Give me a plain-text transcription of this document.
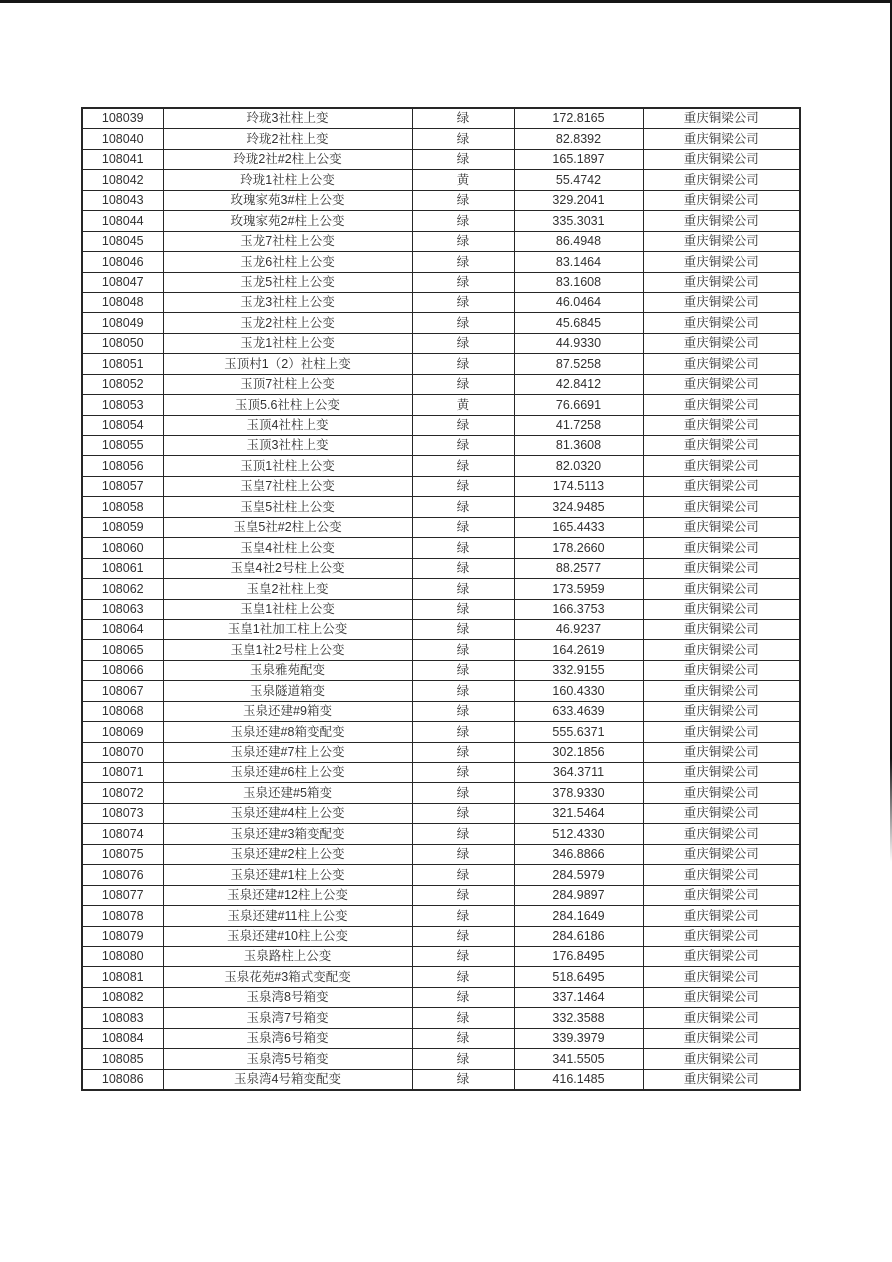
108039	玲珑3社柱上变	绿	172.8165	重庆铜梁公司
108040	玲珑2社柱上变	绿	82.8392	重庆铜梁公司
108041	玲珑2社#2柱上公变	绿	165.1897	重庆铜梁公司
108042	玲珑1社柱上公变	黄	55.4742	重庆铜梁公司
108043	玫瑰家苑3#柱上公变	绿	329.2041	重庆铜梁公司
108044	玫瑰家苑2#柱上公变	绿	335.3031	重庆铜梁公司
108045	玉龙7社柱上公变	绿	86.4948	重庆铜梁公司
108046	玉龙6社柱上公变	绿	83.1464	重庆铜梁公司
108047	玉龙5社柱上公变	绿	83.1608	重庆铜梁公司
108048	玉龙3社柱上公变	绿	46.0464	重庆铜梁公司
108049	玉龙2社柱上公变	绿	45.6845	重庆铜梁公司
108050	玉龙1社柱上公变	绿	44.9330	重庆铜梁公司
108051	玉顶村1（2）社柱上变	绿	87.5258	重庆铜梁公司
108052	玉顶7社柱上公变	绿	42.8412	重庆铜梁公司
108053	玉顶5.6社柱上公变	黄	76.6691	重庆铜梁公司
108054	玉顶4社柱上变	绿	41.7258	重庆铜梁公司
108055	玉顶3社柱上变	绿	81.3608	重庆铜梁公司
108056	玉顶1社柱上公变	绿	82.0320	重庆铜梁公司
108057	玉皇7社柱上公变	绿	174.5113	重庆铜梁公司
108058	玉皇5社柱上公变	绿	324.9485	重庆铜梁公司
108059	玉皇5社#2柱上公变	绿	165.4433	重庆铜梁公司
108060	玉皇4社柱上公变	绿	178.2660	重庆铜梁公司
108061	玉皇4社2号柱上公变	绿	88.2577	重庆铜梁公司
108062	玉皇2社柱上变	绿	173.5959	重庆铜梁公司
108063	玉皇1社柱上公变	绿	166.3753	重庆铜梁公司
108064	玉皇1社加工柱上公变	绿	46.9237	重庆铜梁公司
108065	玉皇1社2号柱上公变	绿	164.2619	重庆铜梁公司
108066	玉泉雅苑配变	绿	332.9155	重庆铜梁公司
108067	玉泉隧道箱变	绿	160.4330	重庆铜梁公司
108068	玉泉还建#9箱变	绿	633.4639	重庆铜梁公司
108069	玉泉还建#8箱变配变	绿	555.6371	重庆铜梁公司
108070	玉泉还建#7柱上公变	绿	302.1856	重庆铜梁公司
108071	玉泉还建#6柱上公变	绿	364.3711	重庆铜梁公司
108072	玉泉还建#5箱变	绿	378.9330	重庆铜梁公司
108073	玉泉还建#4柱上公变	绿	321.5464	重庆铜梁公司
108074	玉泉还建#3箱变配变	绿	512.4330	重庆铜梁公司
108075	玉泉还建#2柱上公变	绿	346.8866	重庆铜梁公司
108076	玉泉还建#1柱上公变	绿	284.5979	重庆铜梁公司
108077	玉泉还建#12柱上公变	绿	284.9897	重庆铜梁公司
108078	玉泉还建#11柱上公变	绿	284.1649	重庆铜梁公司
108079	玉泉还建#10柱上公变	绿	284.6186	重庆铜梁公司
108080	玉泉路柱上公变	绿	176.8495	重庆铜梁公司
108081	玉泉花苑#3箱式变配变	绿	518.6495	重庆铜梁公司
108082	玉泉湾8号箱变	绿	337.1464	重庆铜梁公司
108083	玉泉湾7号箱变	绿	332.3588	重庆铜梁公司
108084	玉泉湾6号箱变	绿	339.3979	重庆铜梁公司
108085	玉泉湾5号箱变	绿	341.5505	重庆铜梁公司
108086	玉泉湾4号箱变配变	绿	416.1485	重庆铜梁公司
